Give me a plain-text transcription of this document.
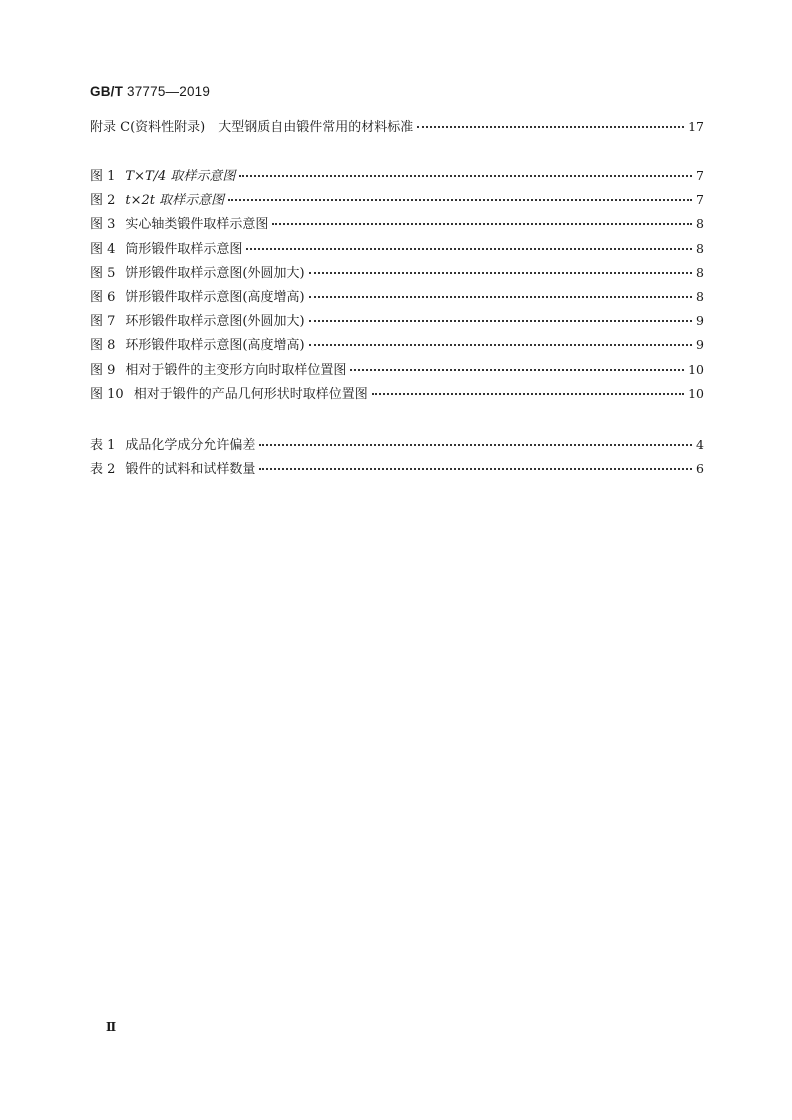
GB/T 37775—2019
附录 C(资料性附录)　大型钢质自由锻件常用的材料标准	17
图 1 T×T/4 取样示意图	7
图 2 t×2t 取样示意图	7
图 3 实心轴类锻件取样示意图	8
图 4 筒形锻件取样示意图	8
图 5 饼形锻件取样示意图(外圆加大)	8
图 6 饼形锻件取样示意图(高度增高)	8
图 7 环形锻件取样示意图(外圆加大)	9
图 8 环形锻件取样示意图(高度增高)	9
图 9 相对于锻件的主变形方向时取样位置图	10
图 10 相对于锻件的产品几何形状时取样位置图	10
表 1 成品化学成分允许偏差	4
表 2 锻件的试料和试样数量	6
Ⅱ
